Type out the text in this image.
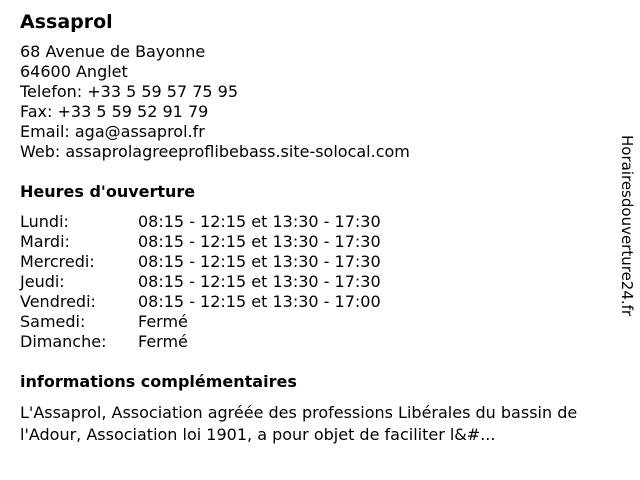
Assaprol
68 Avenue de Bayonne
64600 Anglet
Telefon: +33 5 59 57 75 95
Fax: +33 5 59 52 91 79
Email: aga@assaprol.fr
Web: assaprolagreeproflibebass.site-solocal.com
Heures d'ouverture
Lundi:	08:15 - 12:15 et 13:30 - 17:30
Mardi:	08:15 - 12:15 et 13:30 - 17:30
Mercredi:	08:15 - 12:15 et 13:30 - 17:30
Jeudi:	08:15 - 12:15 et 13:30 - 17:30
Vendredi:	08:15 - 12:15 et 13:30 - 17:00
Samedi:	Fermé
Dimanche:	Fermé
informations complémentaires
L'Assaprol, Association agréée des professions Libérales du bassin de l'Adour, Association loi 1901, a pour objet de faciliter l&#...
Horairesdouverture24.fr
